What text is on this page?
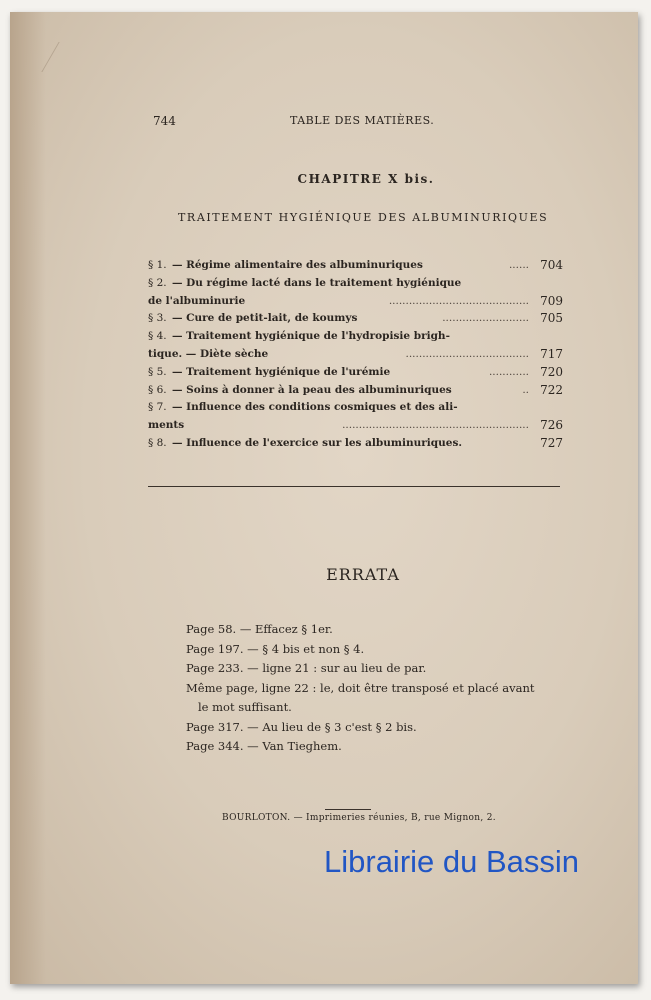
744	TABLE DES MATIÈRES.
CHAPITRE X bis.
TRAITEMENT HYGIÉNIQUE DES ALBUMINURIQUES
§ 1. — Régime alimentaire des albuminuriques	...... 704
§ 2. — Du régime lacté dans le traitement hygiénique
de l'albuminurie	.......................................... 709
§ 3. — Cure de petit-lait, de koumys	.......................... 705
§ 4. — Traitement hygiénique de l'hydropisie brigh-
tique. — Diète sèche	..................................... 717
§ 5. — Traitement hygiénique de l'urémie	............ 720
§ 6. — Soins à donner à la peau des albuminuriques	.. 722
§ 7. — Influence des conditions cosmiques et des ali-
ments	........................................................ 726
§ 8. — Influence de l'exercice sur les albuminuriques.	727
ERRATA
Page 58. — Effacez § 1er.
Page 197. — § 4 bis et non § 4.
Page 233. — ligne 21 : sur au lieu de par.
Même page, ligne 22 : le, doit être transposé et placé avant
le mot suffisant.
Page 317. — Au lieu de § 3 c'est § 2 bis.
Page 344. — Van Tieghem.
BOURLOTON. — Imprimeries réunies, B, rue Mignon, 2.
Librairie du Bassin
